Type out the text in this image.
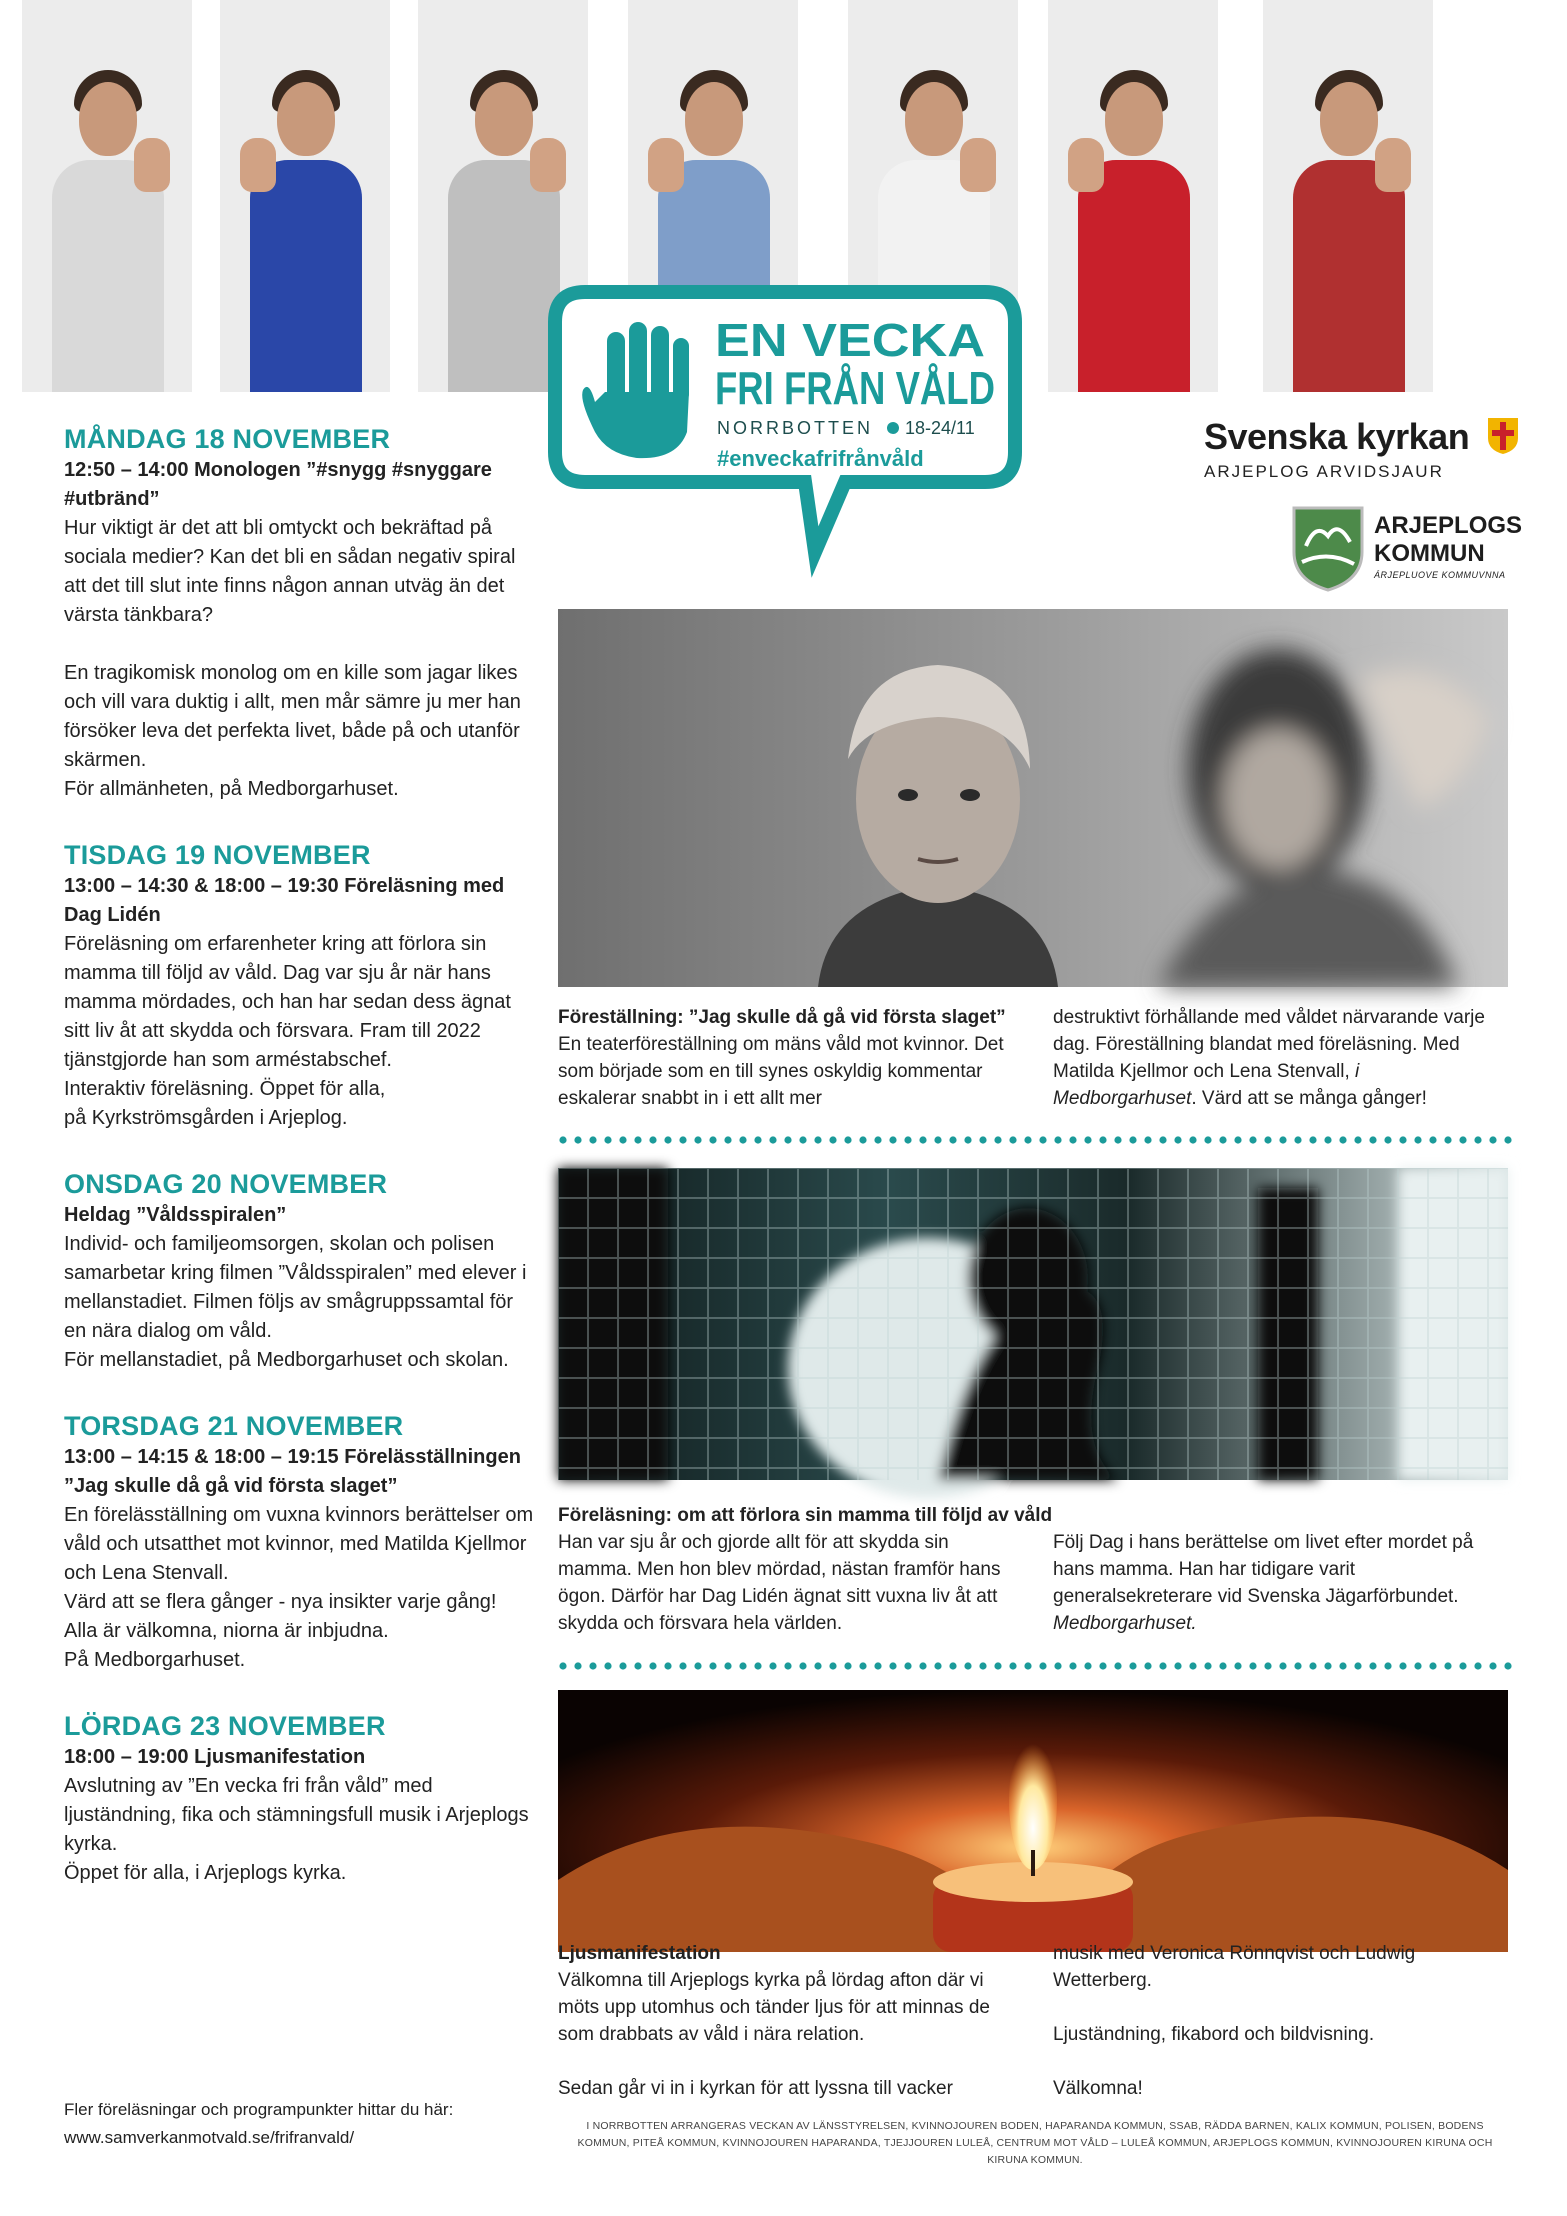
EN VECKA
FRI FRÅN VÅLD
NORRBOTTEN 18-24/11
#enveckafrifrånvåld
Svenska kyrkan
ARJEPLOG ARVIDSJAUR
ARJEPLOGS
KOMMUN
ÁRJEPLUOVE KOMMUVNNA
MÅNDAG 18 NOVEMBER
12:50 – 14:00 Monologen ”#snygg #snyggare #utbränd”
Hur viktigt är det att bli omtyckt och bekräftad på sociala medier? Kan det bli en sådan negativ spiral att det till slut inte finns någon annan utväg än det värsta tänkbara?
En tragikomisk monolog om en kille som jagar likes och vill vara duktig i allt, men mår sämre ju mer han försöker leva det perfekta livet, både på och utanför skärmen.
För allmänheten, på Medborgarhuset.
TISDAG 19 NOVEMBER
13:00 – 14:30 & 18:00 – 19:30 Föreläsning med Dag Lidén
Föreläsning om erfarenheter kring att förlora sin mamma till följd av våld. Dag var sju år när hans mamma mördades, och han har sedan dess ägnat sitt liv åt att skydda och försvara. Fram till 2022 tjänstgjorde han som arméstabschef.
Interaktiv föreläsning. Öppet för alla,
på Kyrkströmsgården i Arjeplog.
ONSDAG 20 NOVEMBER
Heldag ”Våldsspiralen”
Individ- och familjeomsorgen, skolan och polisen samarbetar kring filmen ”Våldsspiralen” med elever i mellanstadiet. Filmen följs av smågruppssamtal för en nära dialog om våld.
För mellanstadiet, på Medborgarhuset och skolan.
TORSDAG 21 NOVEMBER
13:00 – 14:15 & 18:00 – 19:15 Föreläsställningen ”Jag skulle då gå vid första slaget”
En föreläsställning om vuxna kvinnors berättelser om våld och utsatthet mot kvinnor, med Matilda Kjellmor och Lena Stenvall.
Värd att se flera gånger - nya insikter varje gång!
Alla är välkomna, niorna är inbjudna.
På Medborgarhuset.
LÖRDAG 23 NOVEMBER
18:00 – 19:00 Ljusmanifestation
Avslutning av ”En vecka fri från våld” med ljuständning, fika och stämningsfull musik i Arjeplogs kyrka.
Öppet för alla, i Arjeplogs kyrka.
Fler föreläsningar och programpunkter hittar du här:
www.samverkanmotvald.se/frifranvald/
Föreställning: ”Jag skulle då gå vid första slaget”
En teaterföreställning om mäns våld mot kvinnor. Det som började som en till synes oskyldig kommentar eskalerar snabbt in i ett allt mer
destruktivt förhållande med våldet närvarande varje dag. Föreställning blandat med föreläsning. Med Matilda Kjellmor och Lena Stenvall, i Medborgarhuset. Värd att se många gånger!
Föreläsning: om att förlora sin mamma till följd av våld
Han var sju år och gjorde allt för att skydda sin mamma. Men hon blev mördad, nästan framför hans ögon. Därför har Dag Lidén ägnat sitt vuxna liv åt att skydda och försvara hela världen.
Följ Dag i hans berättelse om livet efter mordet på hans mamma. Han har tidigare varit generalsekreterare vid Svenska Jägarförbundet.
Medborgarhuset.
Ljusmanifestation
Välkomna till Arjeplogs kyrka på lördag afton där vi möts upp utomhus och tänder ljus för att minnas de som drabbats av våld i nära relation.
Sedan går vi in i kyrkan för att lyssna till vacker
musik med Veronica Rönnqvist och Ludwig Wetterberg.
Ljuständning, fikabord och bildvisning.
Välkomna!
I NORRBOTTEN ARRANGERAS VECKAN AV LÄNSSTYRELSEN, KVINNOJOUREN BODEN, HAPARANDA KOMMUN, SSAB, RÄDDA BARNEN, KALIX KOMMUN, POLISEN, BODENS KOMMUN, PITEÅ KOMMUN, KVINNOJOUREN HAPARANDA, TJEJJOUREN LULEÅ, CENTRUM MOT VÅLD – LULEÅ KOMMUN, ARJEPLOGS KOMMUN, KVINNOJOUREN KIRUNA OCH KIRUNA KOMMUN.
